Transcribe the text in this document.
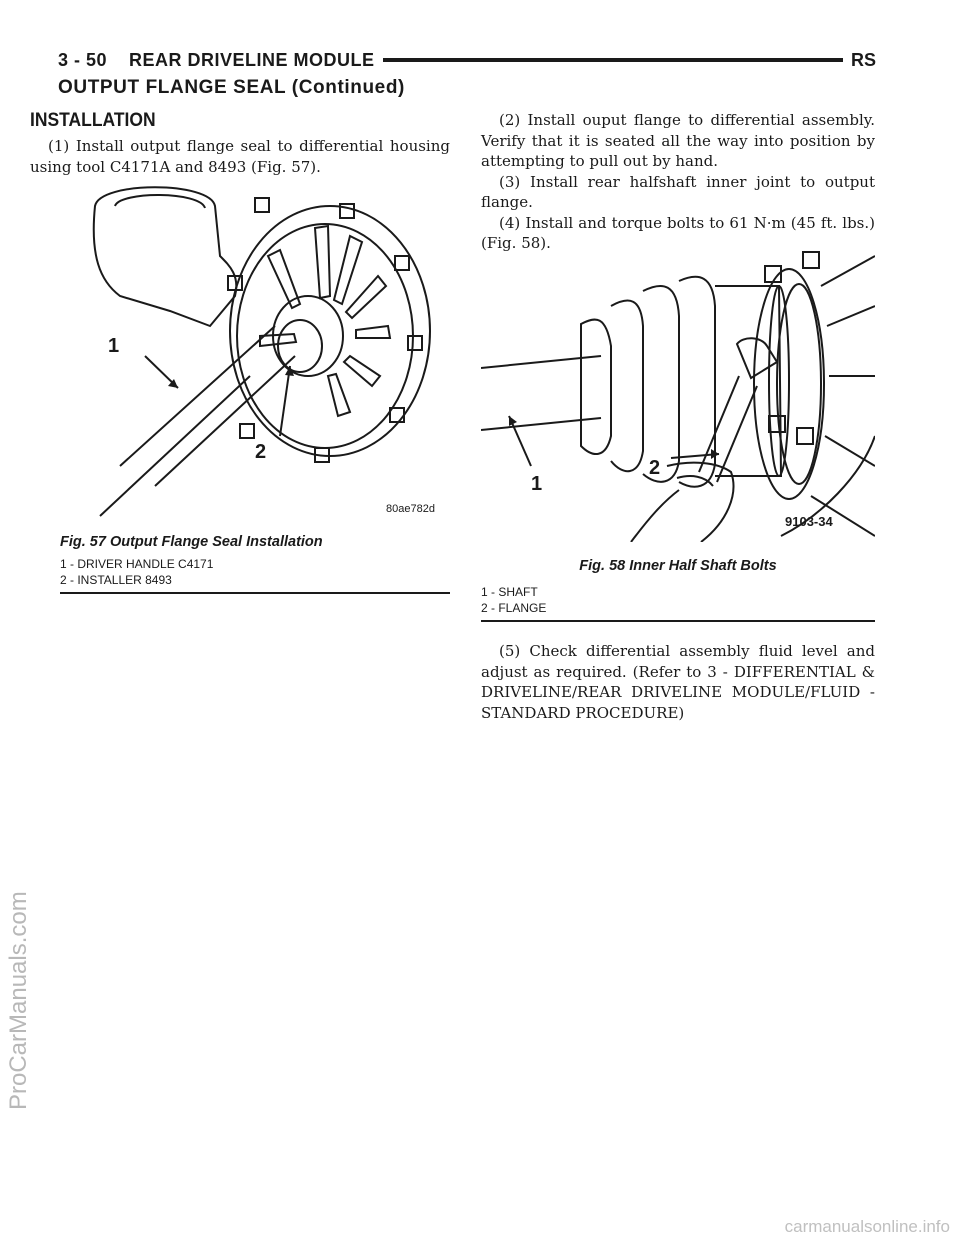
3 - 50 REAR DRIVELINE MODULE	RS
OUTPUT FLANGE SEAL (Continued)
INSTALLATION

(1) Install output flange seal to differential housing using tool C4171A and 8493 (Fig. 57).

1
2
80ae782d
Fig. 57 Output Flange Seal Installation
1 - DRIVER HANDLE C4171
2 - INSTALLER 8493

(2) Install ouput flange to differential assembly. Verify that it is seated all the way into position by attempting to pull out by hand.

(3) Install rear halfshaft inner joint to output flange.

(4) Install and torque bolts to 61 N·m (45 ft. lbs.) (Fig. 58).

1
2
9103-34
Fig. 58 Inner Half Shaft Bolts
1 - SHAFT
2 - FLANGE

(5) Check differential assembly fluid level and adjust as required. (Refer to 3 - DIFFERENTIAL & DRIVELINE/REAR DRIVELINE MODULE/FLUID - STANDARD PROCEDURE)

ProCarManuals.com
carmanualsonline.info
